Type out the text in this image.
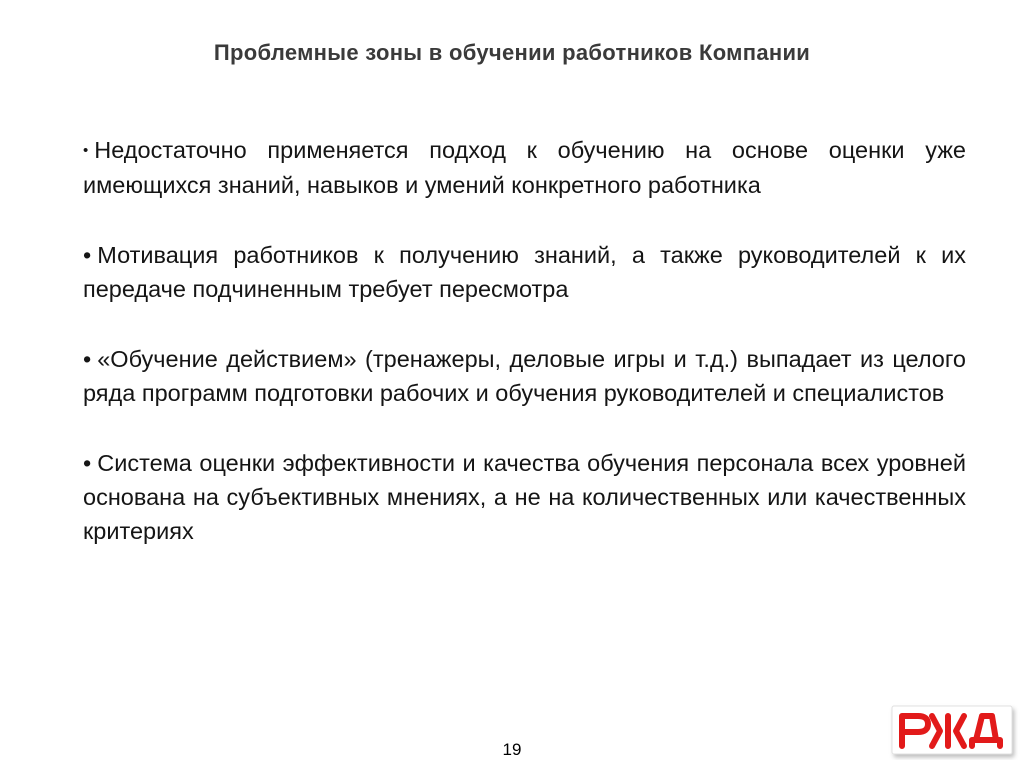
Проблемные зоны в обучении работников Компании

• Недостаточно применяется подход к обучению на основе оценки уже имеющихся знаний, навыков и умений конкретного работника

• Мотивация работников к получению знаний, а также руководителей к их передаче подчиненным требует пересмотра

• «Обучение действием» (тренажеры, деловые игры и т.д.) выпадает из целого ряда программ подготовки рабочих и обучения руководителей и специалистов

• Система оценки эффективности и качества обучения персонала всех уровней основана на субъективных мнениях, а не на количественных или качественных критериях

19
